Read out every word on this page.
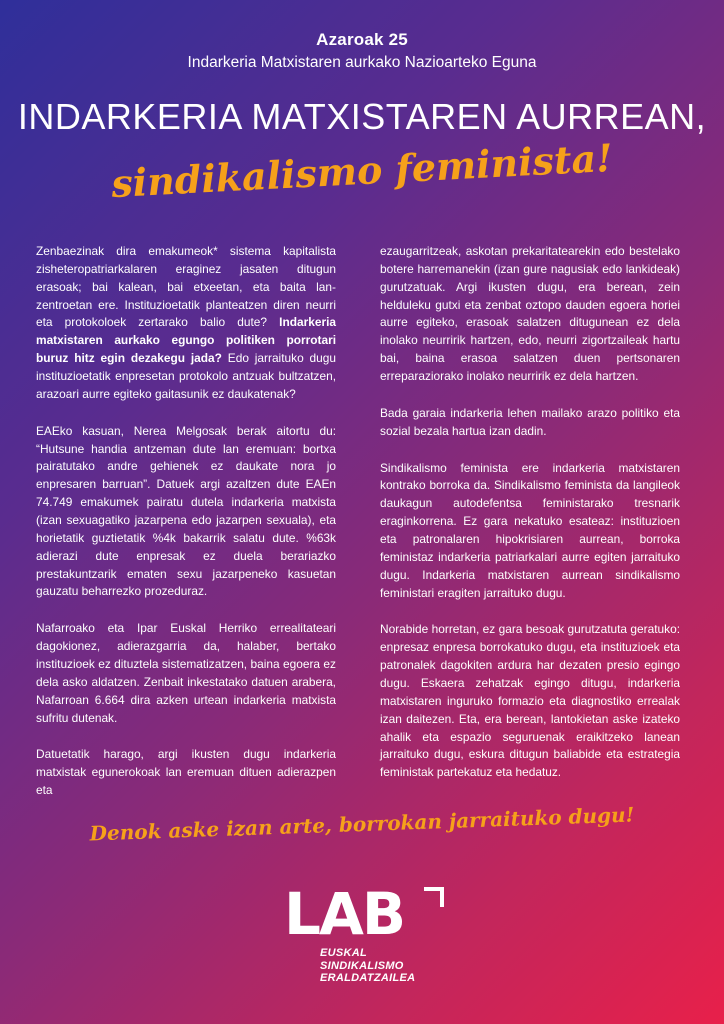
Azaroak 25
Indarkeria Matxistaren aurkako Nazioarteko Eguna
INDARKERIA MATXISTAREN AURREAN,
sindikalismo feminista!

Zenbaezinak dira emakumeok* sistema kapitalista zisheteropatriarkalaren eraginez jasaten ditugun erasoak; bai kalean, bai etxeetan, eta baita lan-zentroetan ere. Instituzioetatik planteatzen diren neurri eta protokoloek zertarako balio dute? Indarkeria matxistaren aurkako egungo politiken porrotari buruz hitz egin dezakegu jada? Edo jarraituko dugu instituzioetatik enpresetan protokolo antzuak bultzatzen, arazoari aurre egiteko gaitasunik ez daukatenak?

EAEko kasuan, Nerea Melgosak berak aitortu du: “Hutsune handia antzeman dute lan eremuan: bortxa pairatutako andre gehienek ez daukate nora jo enpresaren barruan”. Datuek argi azaltzen dute EAEn 74.749 emakumek pairatu dutela indarkeria matxista (izan sexuagatiko jazarpena edo jazarpen sexuala), eta horietatik guztietatik %4k bakarrik salatu dute. %63k adierazi dute enpresak ez duela berariazko prestakuntzarik ematen sexu jazarpeneko kasuetan gauzatu beharrezko prozeduraz.

Nafarroako eta Ipar Euskal Herriko errealitateari dagokionez, adierazgarria da, halaber, bertako instituzioek ez dituztela sistematizatzen, baina egoera ez dela asko aldatzen. Zenbait inkestatako datuen arabera, Nafarroan 6.664 dira azken urtean indarkeria matxista sufritu dutenak.

Datuetatik harago, argi ikusten dugu indarkeria matxistak egunerokoak lan eremuan dituen adierazpen eta

ezaugarritzeak, askotan prekaritatearekin edo bestelako botere harremanekin (izan gure nagusiak edo lankideak) gurutzatuak. Argi ikusten dugu, era berean, zein helduleku gutxi eta zenbat oztopo dauden egoera horiei aurre egiteko, erasoak salatzen ditugunean ez dela inolako neurririk hartzen, edo, neurri zigortzaileak hartu bai, baina erasoa salatzen duen pertsonaren erreparaziorako inolako neurririk ez dela hartzen.

Bada garaia indarkeria lehen mailako arazo politiko eta sozial bezala hartua izan dadin.

Sindikalismo feminista ere indarkeria matxistaren kontrako borroka da. Sindikalismo feminista da langileok daukagun autodefentsa feministarako tresnarik eraginkorrena. Ez gara nekatuko esateaz: instituzioen eta patronalaren hipokrisiaren aurrean, borroka feministaz indarkeria patriarkalari aurre egiten jarraituko dugu. Indarkeria matxistaren aurrean sindikalismo feministari eragiten jarraituko dugu.

Norabide horretan, ez gara besoak gurutzatuta geratuko: enpresaz enpresa borrokatuko dugu, eta instituzioek eta patronalek dagokiten ardura har dezaten presio egingo dugu. Eskaera zehatzak egingo ditugu, indarkeria matxistaren inguruko formazio eta diagnostiko errealak izan daitezen. Eta, era berean, lantokietan aske izateko ahalik eta espazio seguruenak eraikitzeko lanean jarraituko dugu, eskura ditugun baliabide eta estrategia feministak partekatuz eta hedatuz.

Denok aske izan arte, borrokan jarraituko dugu!
LAB
EUSKAL
SINDIKALISMO
ERALDATZAILEA
